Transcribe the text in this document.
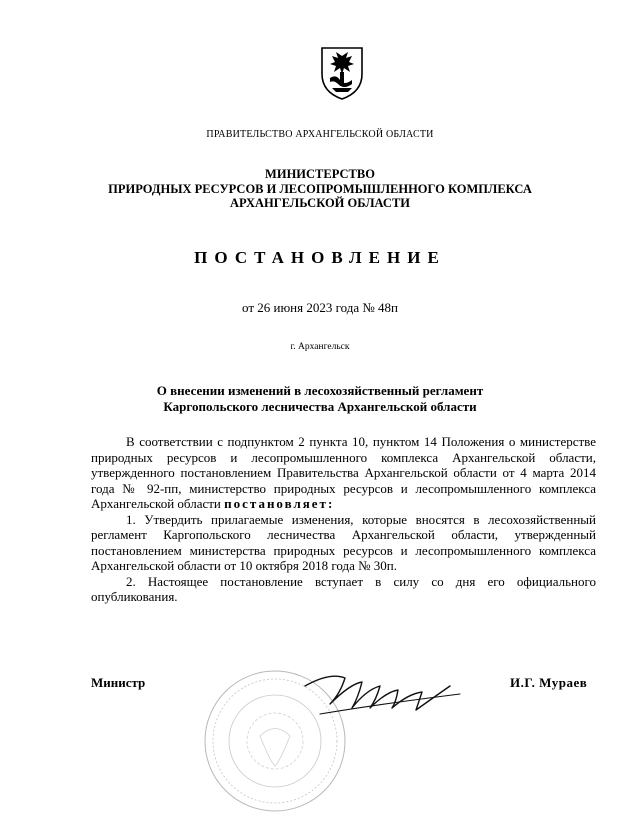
ПРАВИТЕЛЬСТВО АРХАНГЕЛЬСКОЙ ОБЛАСТИ
МИНИСТЕРСТВО
ПРИРОДНЫХ РЕСУРСОВ И ЛЕСОПРОМЫШЛЕННОГО КОМПЛЕКСА
АРХАНГЕЛЬСКОЙ ОБЛАСТИ
ПОСТАНОВЛЕНИЕ
от 26 июня 2023 года № 48п
г. Архангельск
О внесении изменений в лесохозяйственный регламент
Каргопольского лесничества Архангельской области

В соответствии с подпунктом 2 пункта 10, пунктом 14 Положения о министерстве природных ресурсов и лесопромышленного комплекса Архангельской области, утвержденного постановлением Правительства Архангельской области от 4 марта 2014 года № 92-пп, министерство природных ресурсов и лесопромышленного комплекса Архангельской области постановляет:

1. Утвердить прилагаемые изменения, которые вносятся в лесохозяйственный регламент Каргопольского лесничества Архангельской области, утвержденный постановлением министерства природных ресурсов и лесопромышленного комплекса Архангельской области от 10 октября 2018 года № 30п.

2. Настоящее постановление вступает в силу со дня его официального опубликования.

Министр	И.Г. Мураев
